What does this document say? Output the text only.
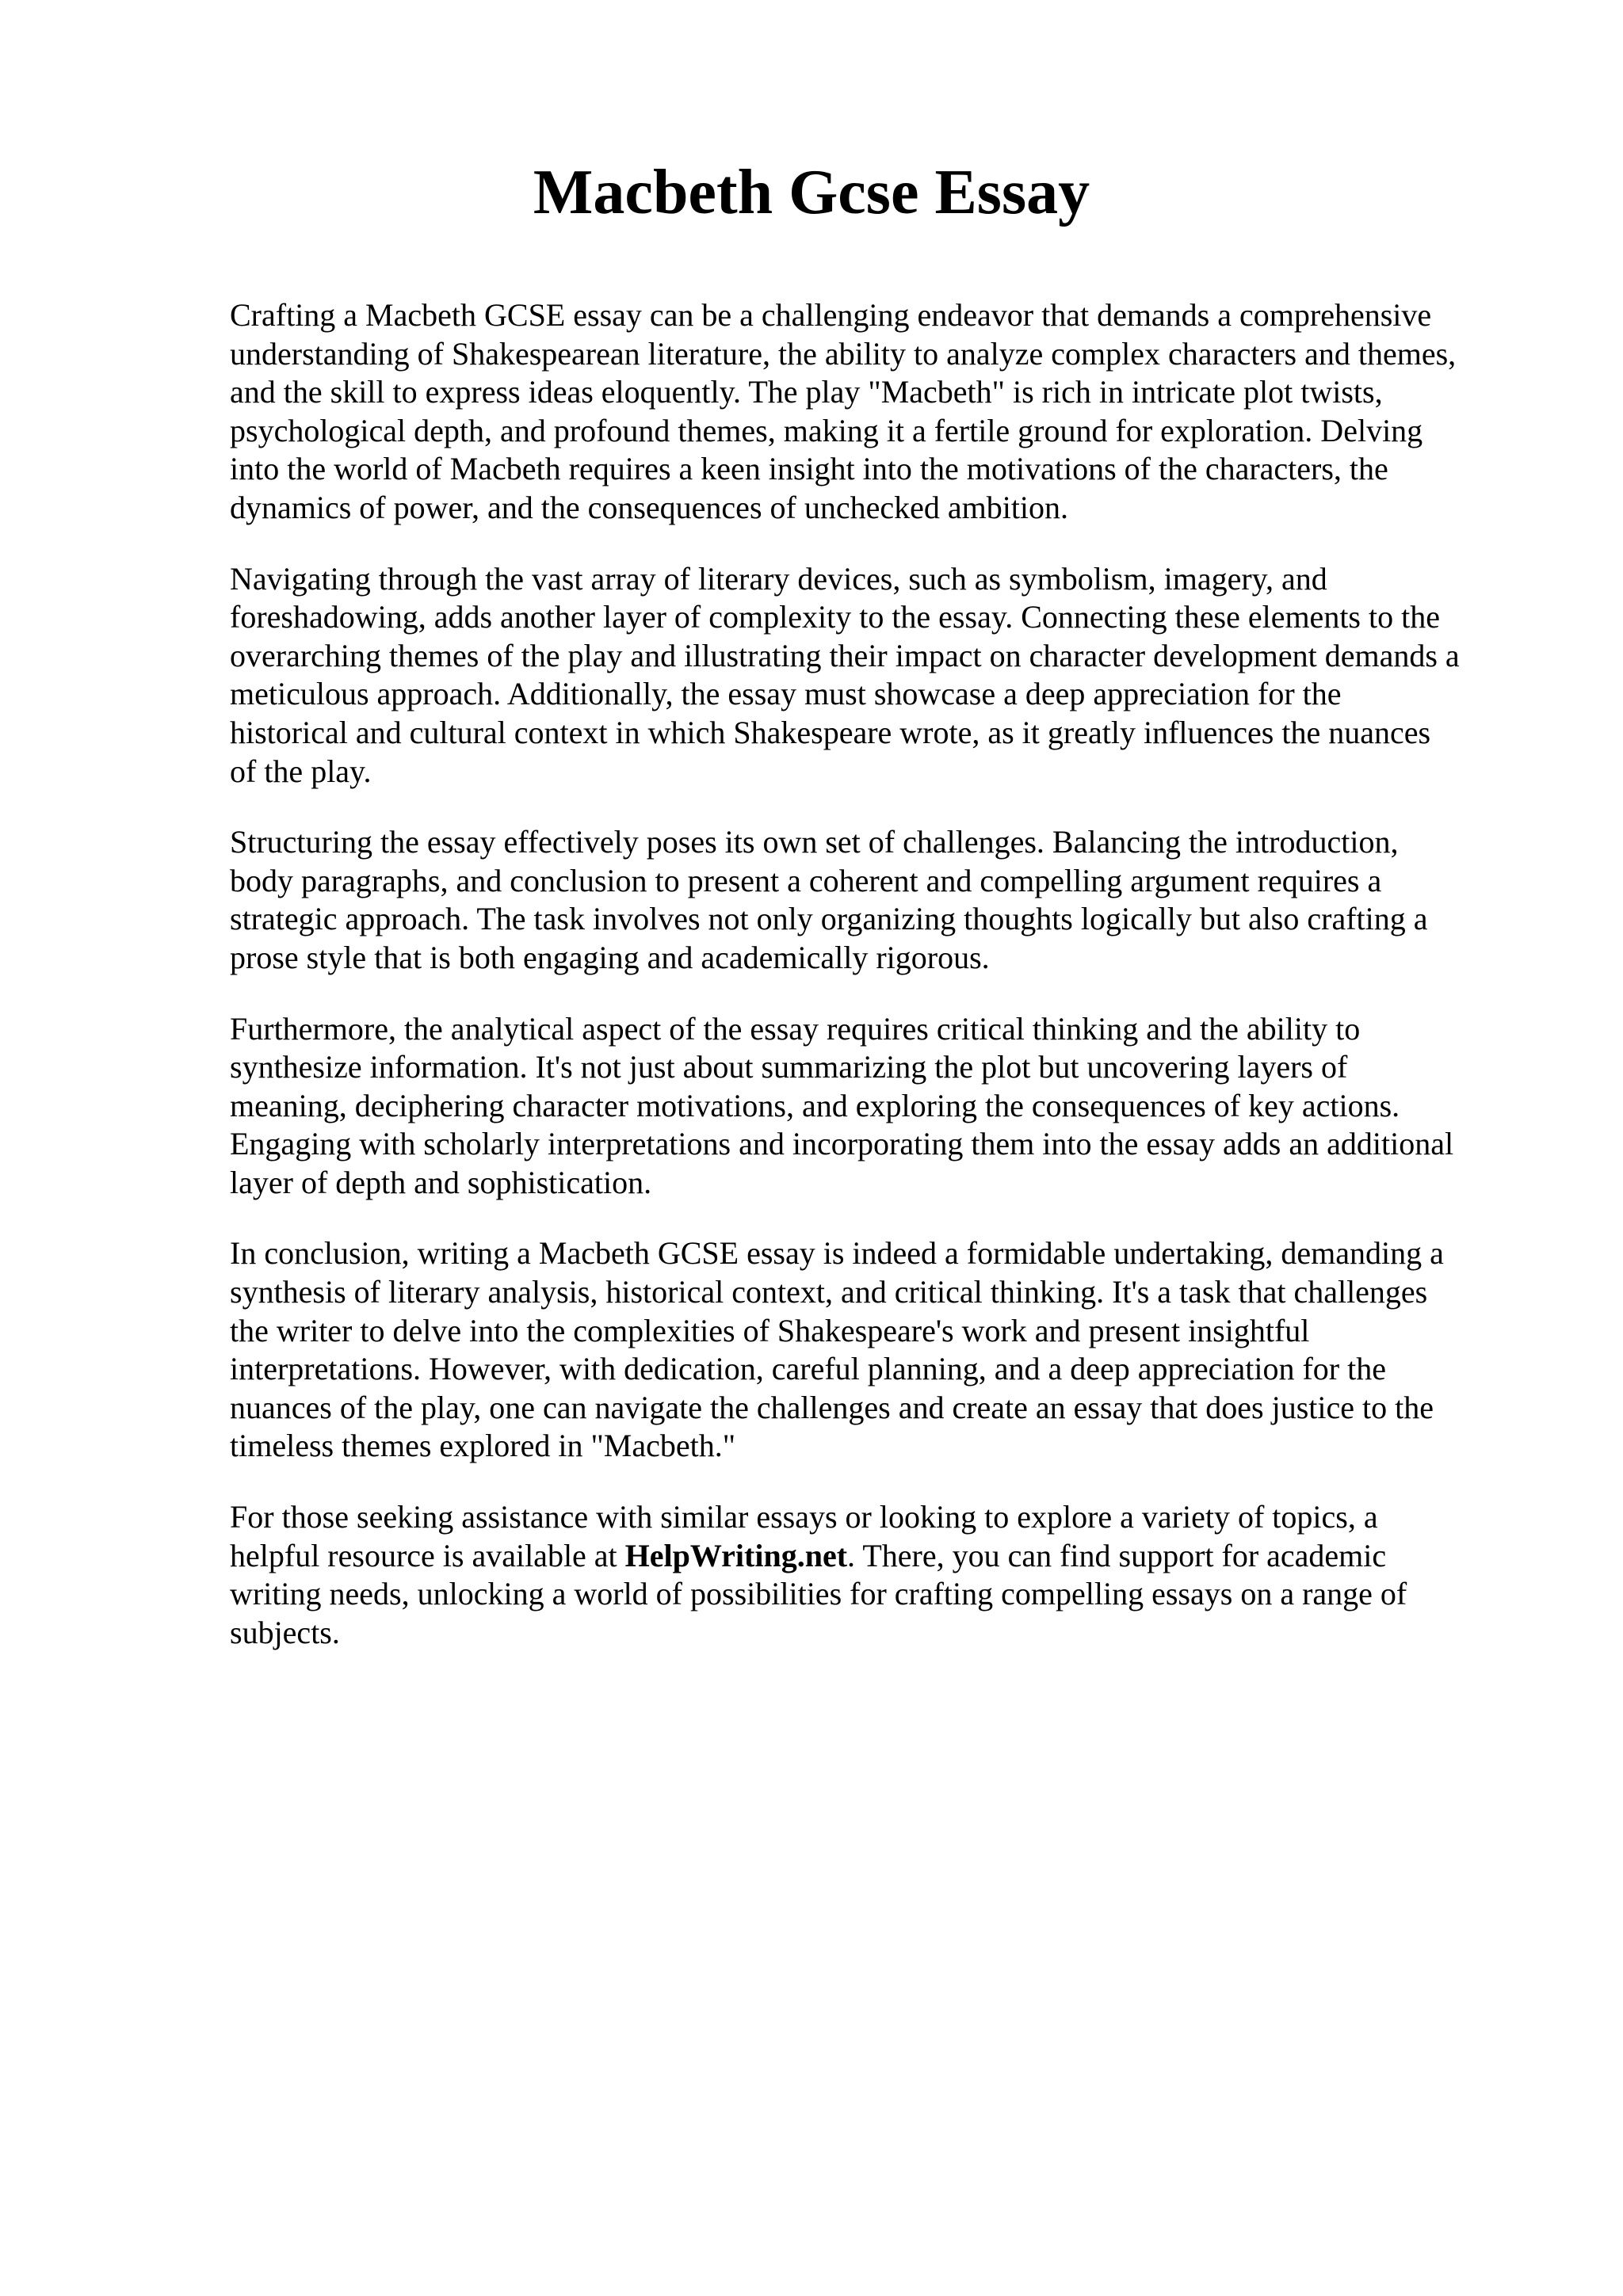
Macbeth Gcse Essay

Crafting a Macbeth GCSE essay can be a challenging endeavor that demands a comprehensive
understanding of Shakespearean literature, the ability to analyze complex characters and themes,
and the skill to express ideas eloquently. The play "Macbeth" is rich in intricate plot twists,
psychological depth, and profound themes, making it a fertile ground for exploration. Delving
into the world of Macbeth requires a keen insight into the motivations of the characters, the
dynamics of power, and the consequences of unchecked ambition.

Navigating through the vast array of literary devices, such as symbolism, imagery, and
foreshadowing, adds another layer of complexity to the essay. Connecting these elements to the
overarching themes of the play and illustrating their impact on character development demands a
meticulous approach. Additionally, the essay must showcase a deep appreciation for the
historical and cultural context in which Shakespeare wrote, as it greatly influences the nuances
of the play.

Structuring the essay effectively poses its own set of challenges. Balancing the introduction,
body paragraphs, and conclusion to present a coherent and compelling argument requires a
strategic approach. The task involves not only organizing thoughts logically but also crafting a
prose style that is both engaging and academically rigorous.

Furthermore, the analytical aspect of the essay requires critical thinking and the ability to
synthesize information. It's not just about summarizing the plot but uncovering layers of
meaning, deciphering character motivations, and exploring the consequences of key actions.
Engaging with scholarly interpretations and incorporating them into the essay adds an additional
layer of depth and sophistication.

In conclusion, writing a Macbeth GCSE essay is indeed a formidable undertaking, demanding a
synthesis of literary analysis, historical context, and critical thinking. It's a task that challenges
the writer to delve into the complexities of Shakespeare's work and present insightful
interpretations. However, with dedication, careful planning, and a deep appreciation for the
nuances of the play, one can navigate the challenges and create an essay that does justice to the
timeless themes explored in "Macbeth."

For those seeking assistance with similar essays or looking to explore a variety of topics, a
helpful resource is available at HelpWriting.net. There, you can find support for academic
writing needs, unlocking a world of possibilities for crafting compelling essays on a range of
subjects.
